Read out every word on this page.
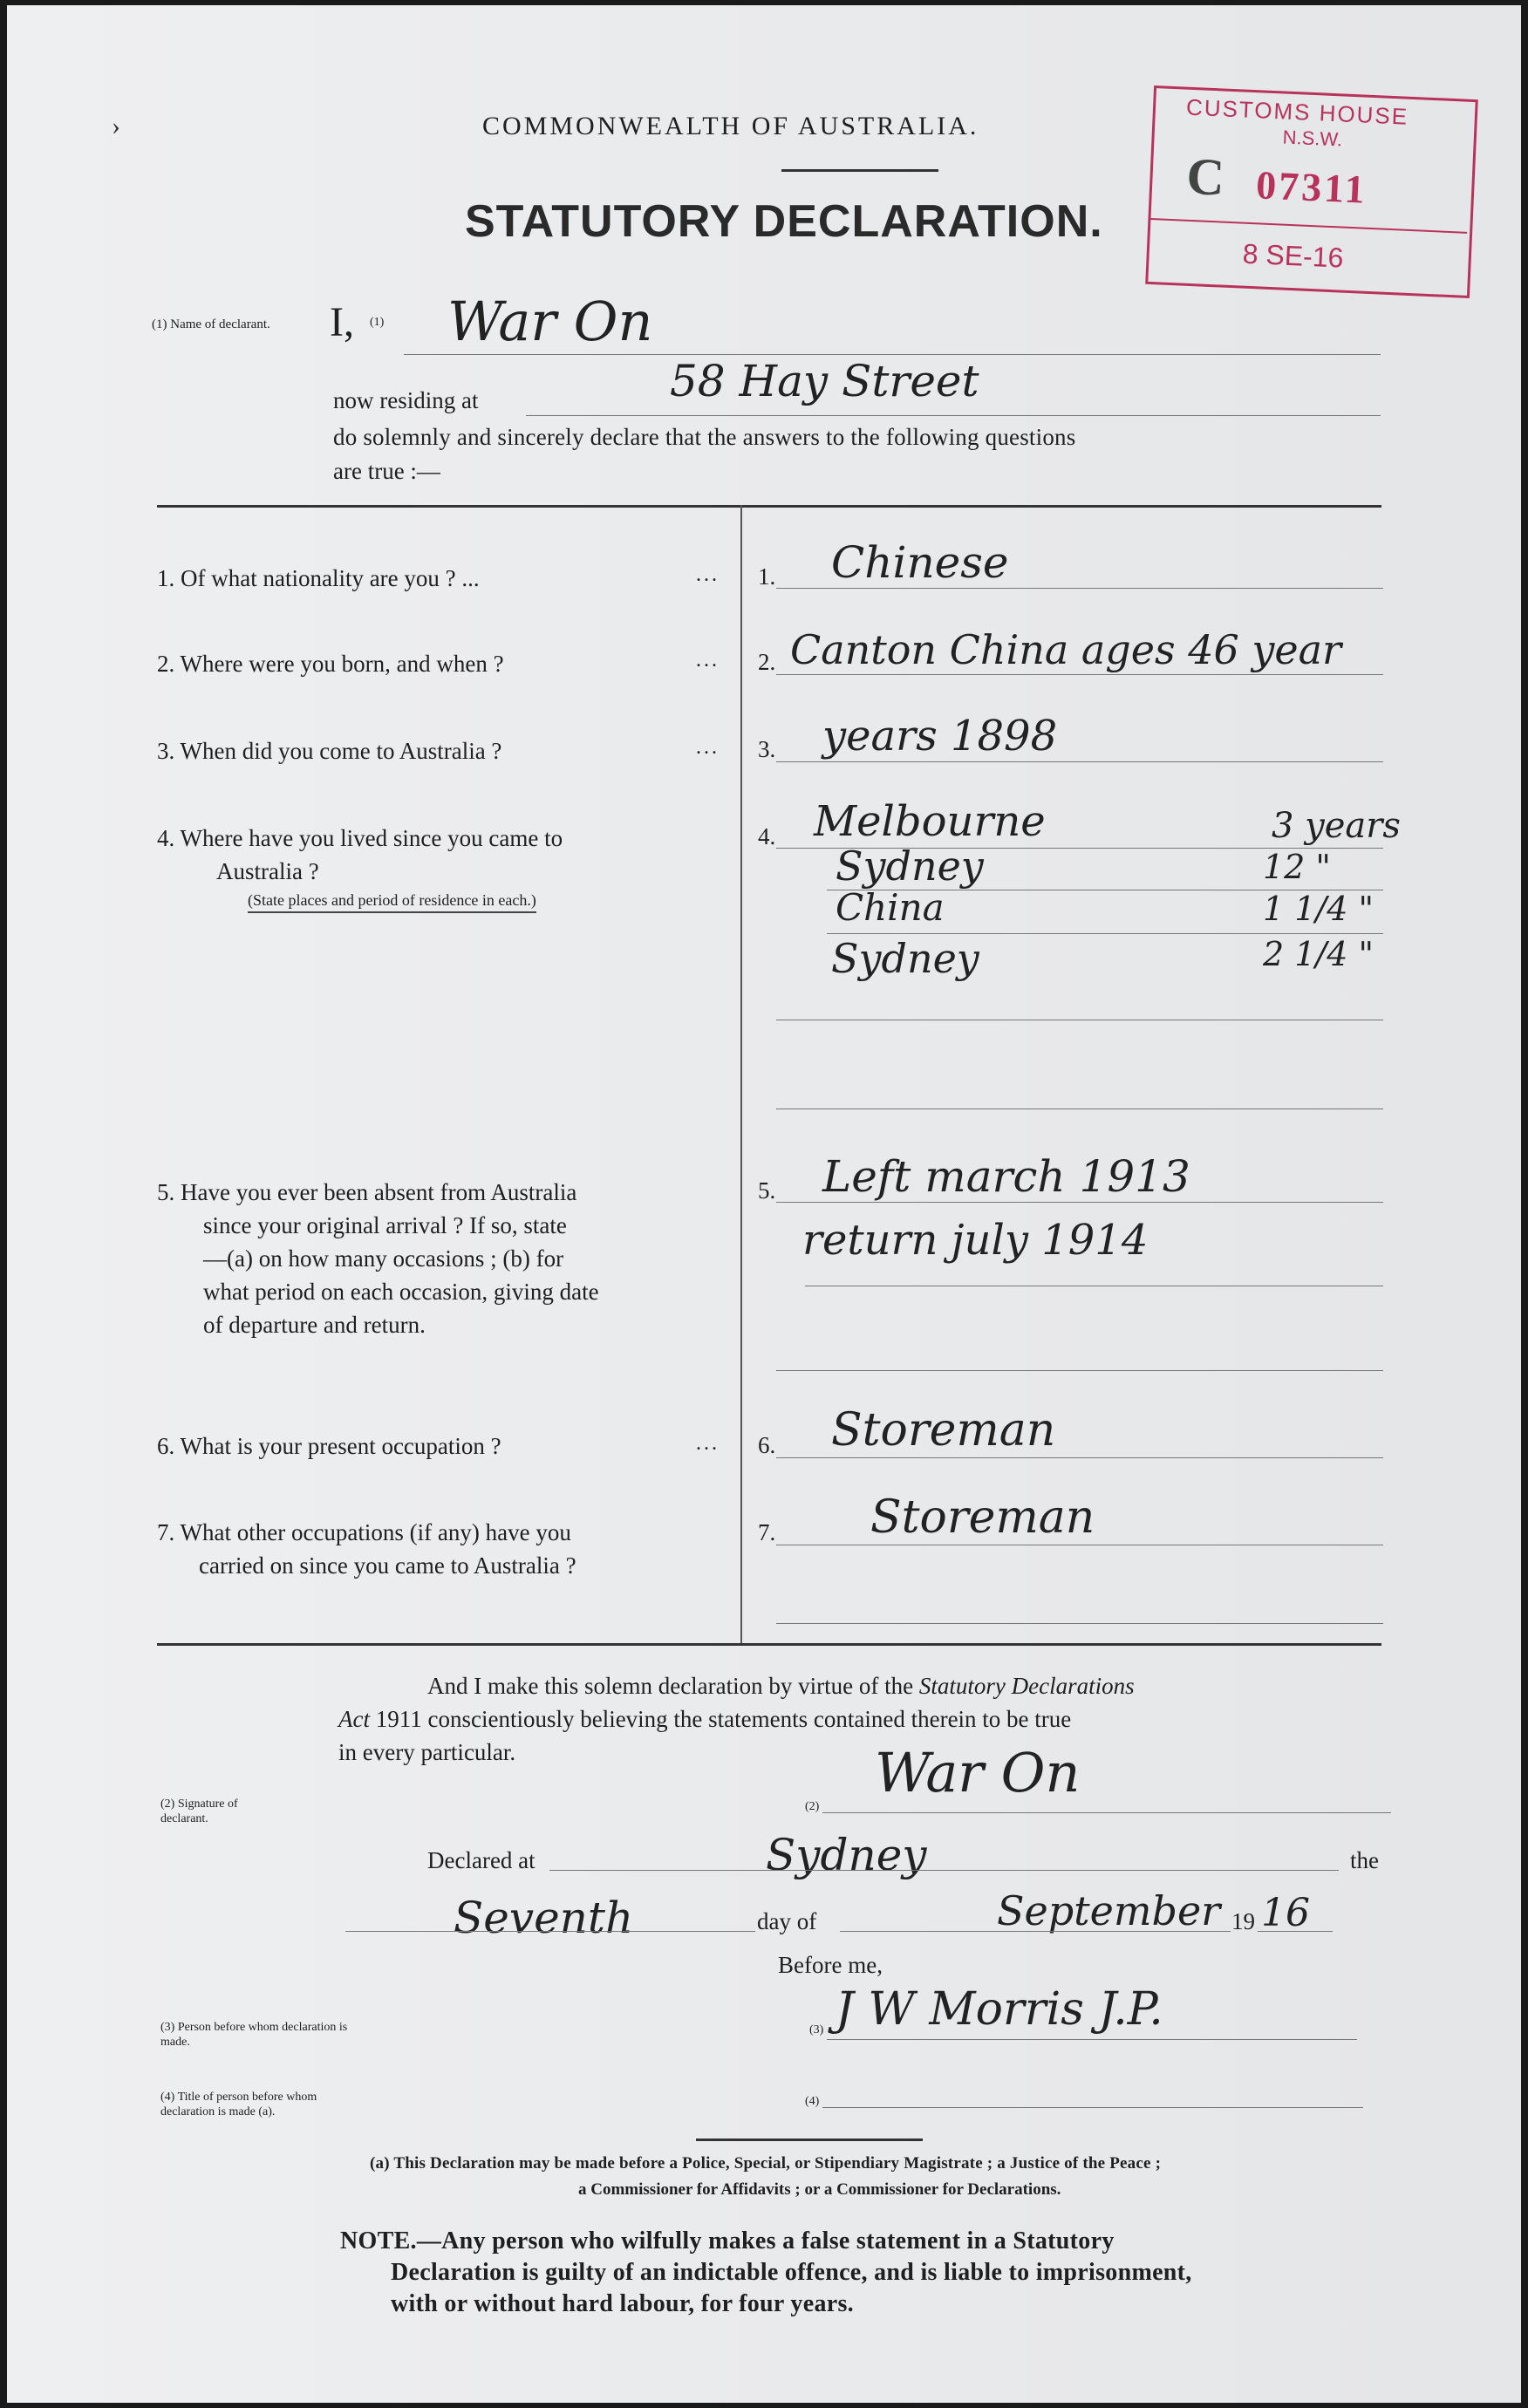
›	COMMONWEALTH OF AUSTRALIA.
STATUTORY DECLARATION.
CUSTOMS HOUSE
N.S.W.
C 07311
8 SE-16
(1) Name of declarant. I, (1) War On
now residing at	58 Hay Street
do solemnly and sincerely declare that the answers to the following questions
are true :—
1. Of what nationality are you ? ...	... 1. Chinese
2. Where were you born, and when ?	... 2. Canton China ages 46 year
3. When did you come to Australia ?	... 3. years 1898
4. Where have you lived since you came to
Australia ?
(State places and period of residence in each.)
4. Melbourne	3 years
Sydney	12 "
China	1 1/4 "
Sydney	2 1/4 "
5. Have you ever been absent from Australia
since your original arrival ? If so, state
—(a) on how many occasions ; (b) for
what period on each occasion, giving date
of departure and return.
5. Left march 1913
return july 1914
6. What is your present occupation ?	... 6. Storeman
7. What other occupations (if any) have you
carried on since you came to Australia ?
7. Storeman
And I make this solemn declaration by virtue of the Statutory Declarations
Act 1911 conscientiously believing the statements contained therein to be true
in every particular.
(2) Signature of declarant.
(2)
War On
Declared at	Sydney	the
Seventh	day of	September 19 16
Before me,
(3) Person before whom declaration is made.
(3) J W Morris J.P.
(4) Title of person before whom declaration is made (a).
(4)
(a) This Declaration may be made before a Police, Special, or Stipendiary Magistrate ; a Justice of the Peace ;
a Commissioner for Affidavits ; or a Commissioner for Declarations.
NOTE.—Any person who wilfully makes a false statement in a Statutory
Declaration is guilty of an indictable offence, and is liable to imprisonment,
with or without hard labour, for four years.
